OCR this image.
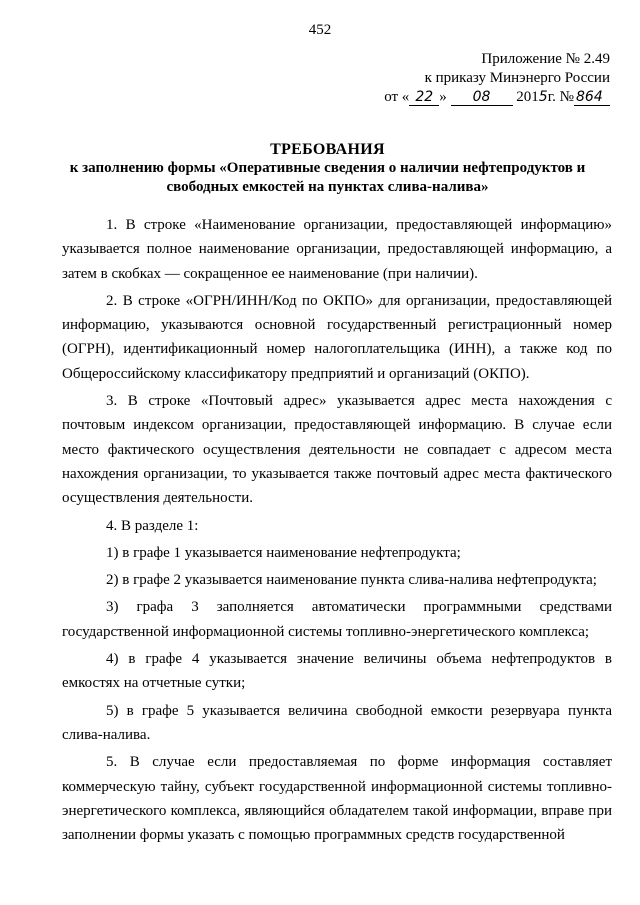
452
Приложение № 2.49
к приказу Минэнерго России
от « 22 » 08 2015г. № 864
ТРЕБОВАНИЯ
к заполнению формы «Оперативные сведения о наличии нефтепродуктов и
свободных емкостей на пунктах слива-налива»

1. В строке «Наименование организации, предоставляющей информацию» указывается полное наименование организации, предоставляющей информацию, а затем в скобках — сокращенное ее наименование (при наличии).

2. В строке «ОГРН/ИНН/Код по ОКПО» для организации, предоставляющей информацию, указываются основной государственный регистрационный номер (ОГРН), идентификационный номер налогоплательщика (ИНН), а также код по Общероссийскому классификатору предприятий и организаций (ОКПО).

3. В строке «Почтовый адрес» указывается адрес места нахождения с почтовым индексом организации, предоставляющей информацию. В случае если место фактического осуществления деятельности не совпадает с адресом места нахождения организации, то указывается также почтовый адрес места фактического осуществления деятельности.

4. В разделе 1:

1) в графе 1 указывается наименование нефтепродукта;

2) в графе 2 указывается наименование пункта слива-налива нефтепродукта;

3) графа 3 заполняется автоматически программными средствами государственной информационной системы топливно-энергетического комплекса;

4) в графе 4 указывается значение величины объема нефтепродуктов в емкостях на отчетные сутки;

5) в графе 5 указывается величина свободной емкости резервуара пункта слива-налива.

5. В случае если предоставляемая по форме информация составляет коммерческую тайну, субъект государственной информационной системы топливно-энергетического комплекса, являющийся обладателем такой информации, вправе при заполнении формы указать с помощью программных средств государственной
